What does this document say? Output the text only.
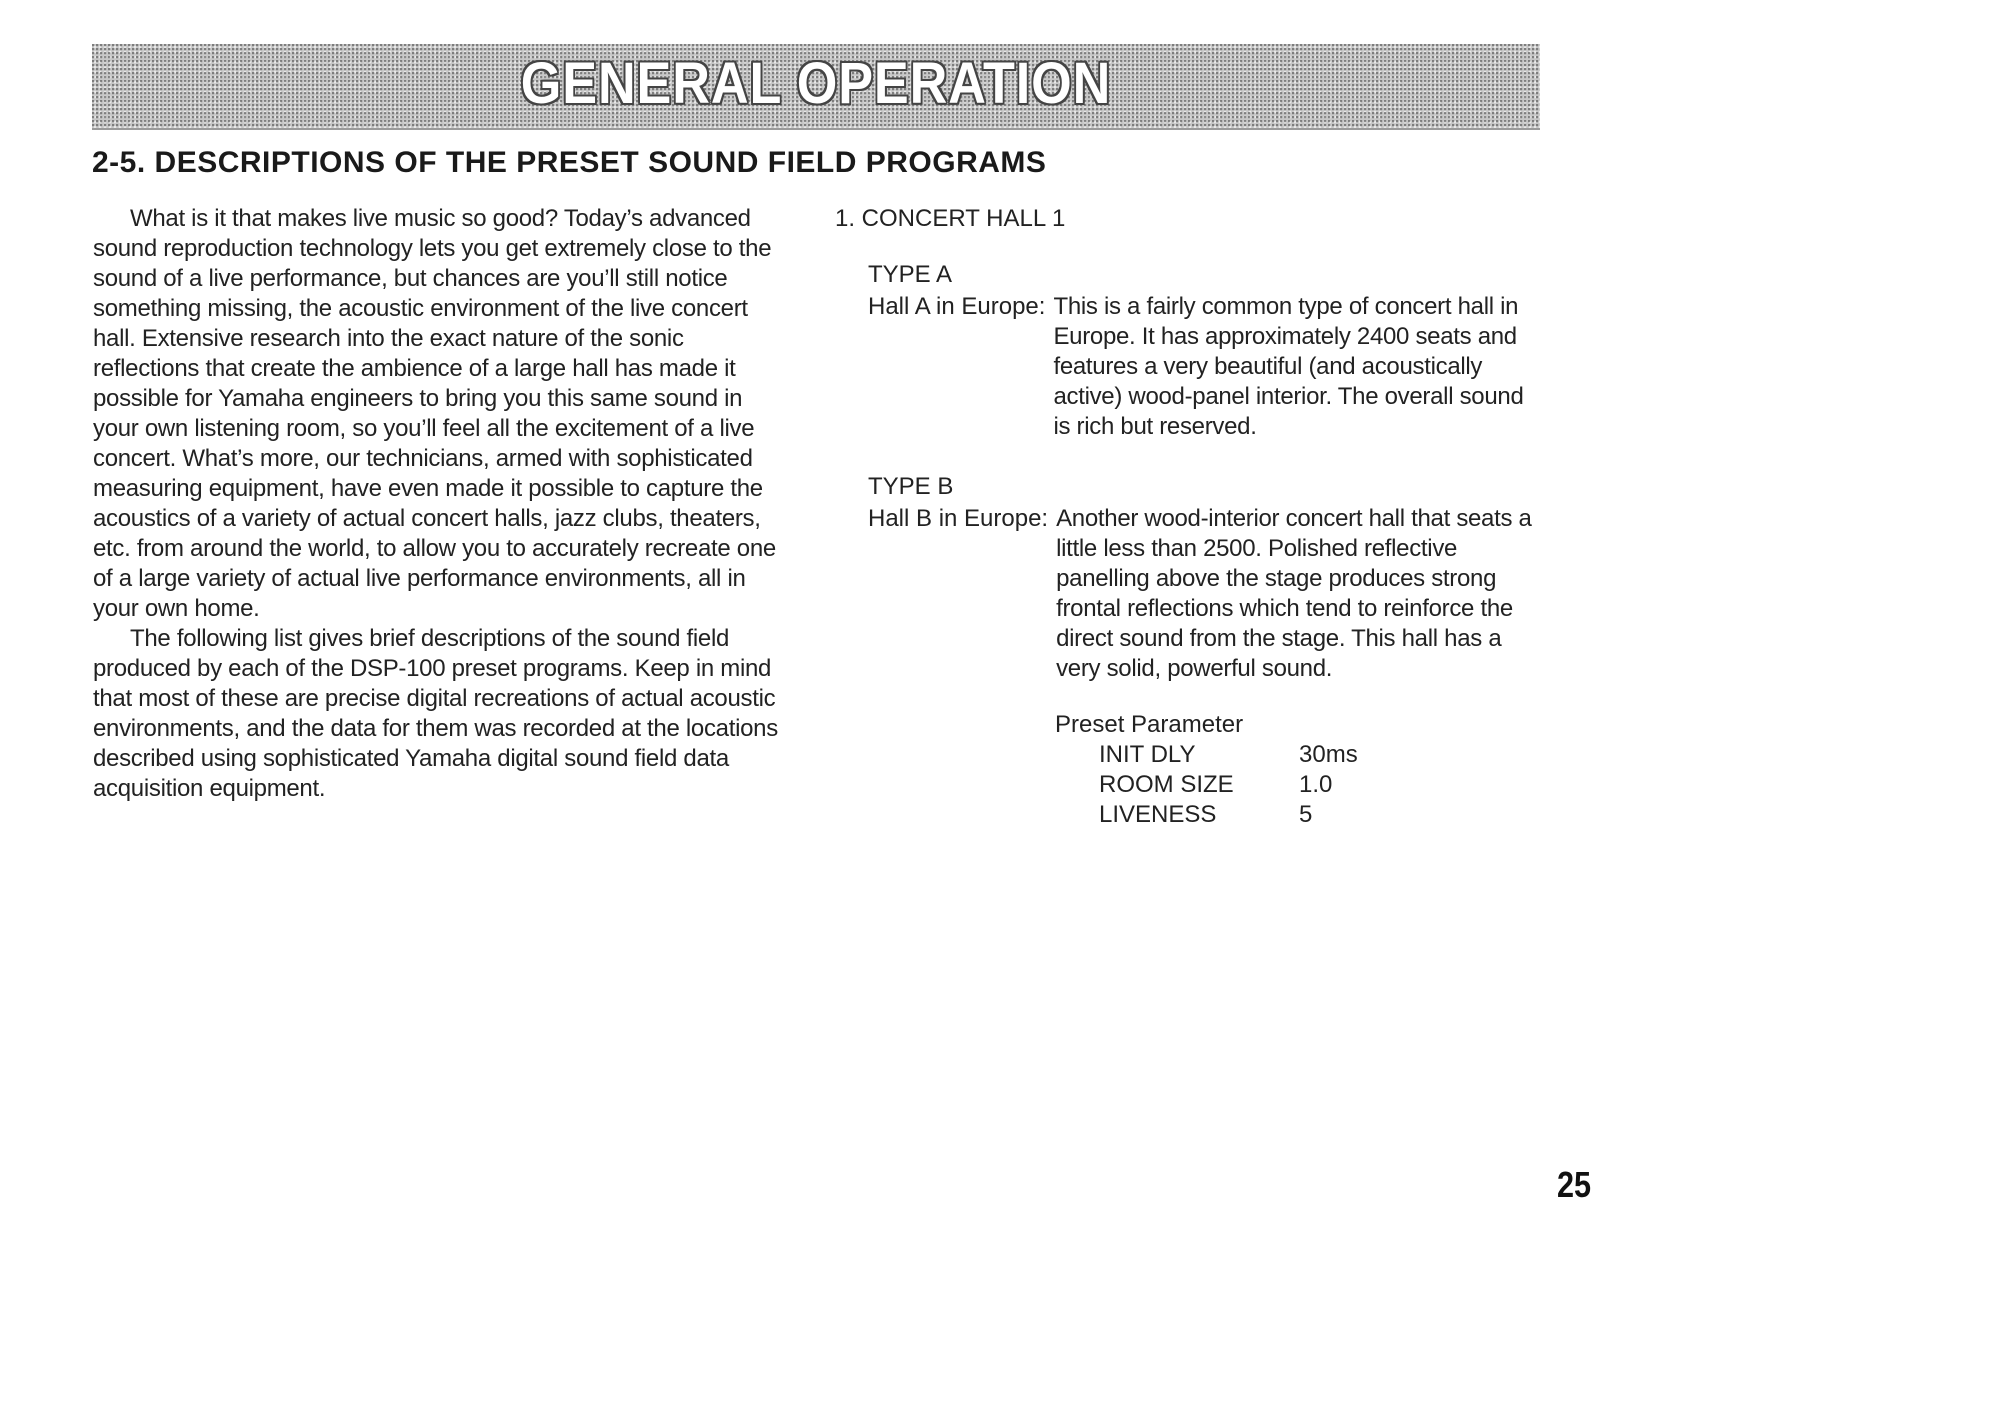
GENERAL OPERATION
2-5. DESCRIPTIONS OF THE PRESET SOUND FIELD PROGRAMS

What is it that makes live music so good? Today’s advanced sound reproduction technology lets you get extremely close to the sound of a live performance, but chances are you’ll still notice something missing, the acoustic environment of the live concert hall. Extensive research into the exact nature of the sonic reflections that create the ambience of a large hall has made it possible for Yamaha engineers to bring you this same sound in your own listening room, so you’ll feel all the excitement of a live concert. What’s more, our technicians, armed with sophisticated measuring equipment, have even made it possible to capture the acoustics of a variety of actual concert halls, jazz clubs, theaters, etc. from around the world, to allow you to accurately recreate one of a large variety of actual live performance environments, all in your own home.

The following list gives brief descriptions of the sound field produced by each of the DSP-100 preset programs. Keep in mind that most of these are precise digital recreations of actual acoustic environments, and the data for them was recorded at the locations described using sophisticated Yamaha digital sound field data acquisition equipment.

1. CONCERT HALL 1
TYPE A
Hall A in Europe: This is a fairly common type of concert hall in Europe. It has approximately 2400 seats and features a very beautiful (and acoustically active) wood-panel interior. The overall sound is rich but reserved.
TYPE B
Hall B in Europe: Another wood-interior concert hall that seats a little less than 2500. Polished reflective panelling above the stage produces strong frontal reflections which tend to reinforce the direct sound from the stage. This hall has a very solid, powerful sound.
Preset Parameter
INIT DLY	30ms
ROOM SIZE	1.0
LIVENESS	5
25
